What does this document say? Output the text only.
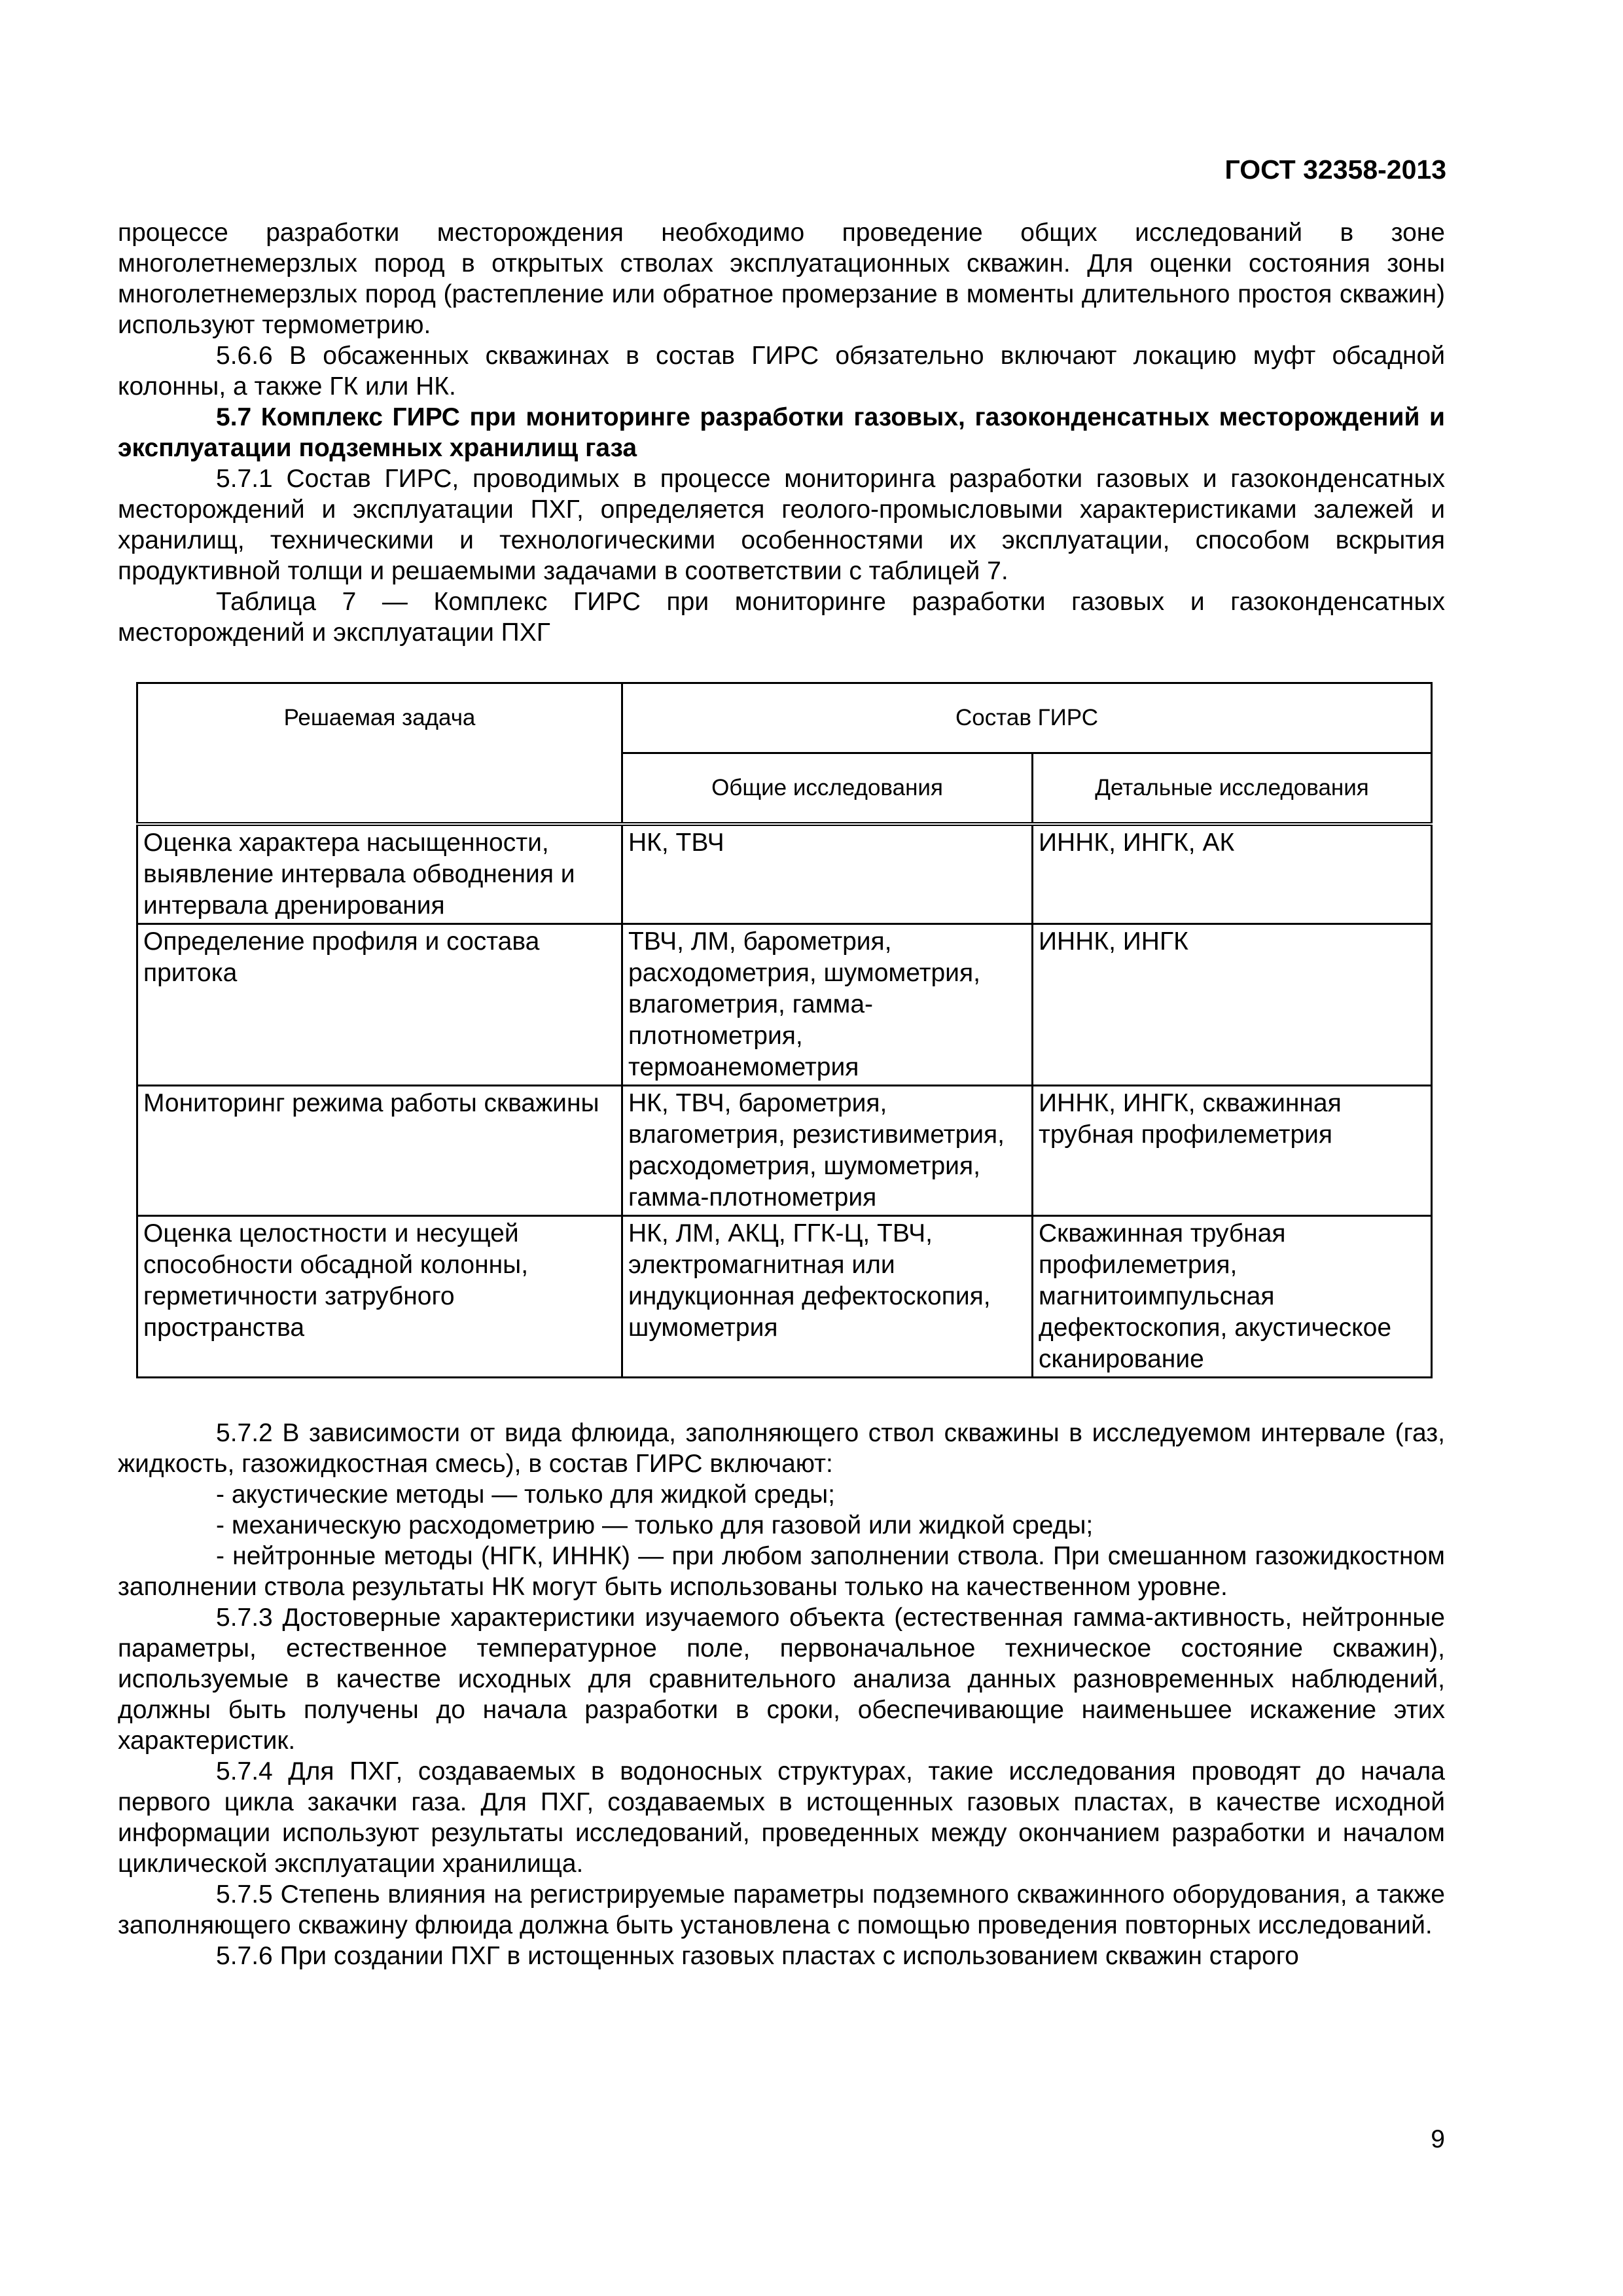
ГОСТ 32358-2013

процессе разработки месторождения необходимо проведение общих исследований в зоне многолетнемерзлых пород в открытых стволах эксплуатационных скважин. Для оценки состояния зоны многолетнемерзлых пород (растепление или обратное промерзание в моменты длительного простоя скважин) используют термометрию.

5.6.6 В обсаженных скважинах в состав ГИРС обязательно включают локацию муфт обсадной колонны, а также ГК или НК.

5.7 Комплекс ГИРС при мониторинге разработки газовых, газоконденсатных месторождений и эксплуатации подземных хранилищ газа

5.7.1 Состав ГИРС, проводимых в процессе мониторинга разработки газовых и газоконденсатных месторождений и эксплуатации ПХГ, определяется геолого-промысловыми характеристиками залежей и хранилищ, техническими и технологическими особенностями их эксплуатации, способом вскрытия продуктивной толщи и решаемыми задачами в соответствии с таблицей 7.

Таблица 7 — Комплекс ГИРС при мониторинге разработки газовых и газоконденсатных месторождений и эксплуатации ПХГ

Решаемая задача	Состав ГИРС	
	Общие исследования	Детальные исследования
Оценка характера насыщенности, выявление интервала обводнения и интервала дренирования	НК, ТВЧ	ИННК, ИНГК, АК
Определение профиля и состава притока	ТВЧ, ЛМ, барометрия, расходометрия, шумометрия, влагометрия, гамма-плотнометрия, термоанемометрия	ИННК, ИНГК
Мониторинг режима работы скважины	НК, ТВЧ, барометрия, влагометрия, резистивиметрия, расходометрия, шумометрия, гамма-плотнометрия	ИННК, ИНГК, скважинная трубная профилеметрия
Оценка целостности и несущей способности обсадной колонны, герметичности затрубного пространства	НК, ЛМ, АКЦ, ГГК-Ц, ТВЧ, электромагнитная или индукционная дефектоскопия, шумометрия	Скважинная трубная профилеметрия, магнитоимпульсная дефектоскопия, акустическое сканирование

5.7.2 В зависимости от вида флюида, заполняющего ствол скважины в исследуемом интервале (газ, жидкость, газожидкостная смесь), в состав ГИРС включают:

- акустические методы — только для жидкой среды;

- механическую расходометрию — только для газовой или жидкой среды;

- нейтронные методы (НГК, ИННК) — при любом заполнении ствола. При смешанном газожидкостном заполнении ствола результаты НК могут быть использованы только на качественном уровне.

5.7.3 Достоверные характеристики изучаемого объекта (естественная гамма-активность, нейтронные параметры, естественное температурное поле, первоначальное техническое состояние скважин), используемые в качестве исходных для сравнительного анализа данных разновременных наблюдений, должны быть получены до начала разработки в сроки, обеспечивающие наименьшее искажение этих характеристик.

5.7.4 Для ПХГ, создаваемых в водоносных структурах, такие исследования проводят до начала первого цикла закачки газа. Для ПХГ, создаваемых в истощенных газовых пластах, в качестве исходной информации используют результаты исследований, проведенных между окончанием разработки и началом циклической эксплуатации хранилища.

5.7.5 Степень влияния на регистрируемые параметры подземного скважинного оборудования, а также заполняющего скважину флюида должна быть установлена с помощью проведения повторных исследований.

5.7.6 При создании ПХГ в истощенных газовых пластах с использованием скважин старого

9
